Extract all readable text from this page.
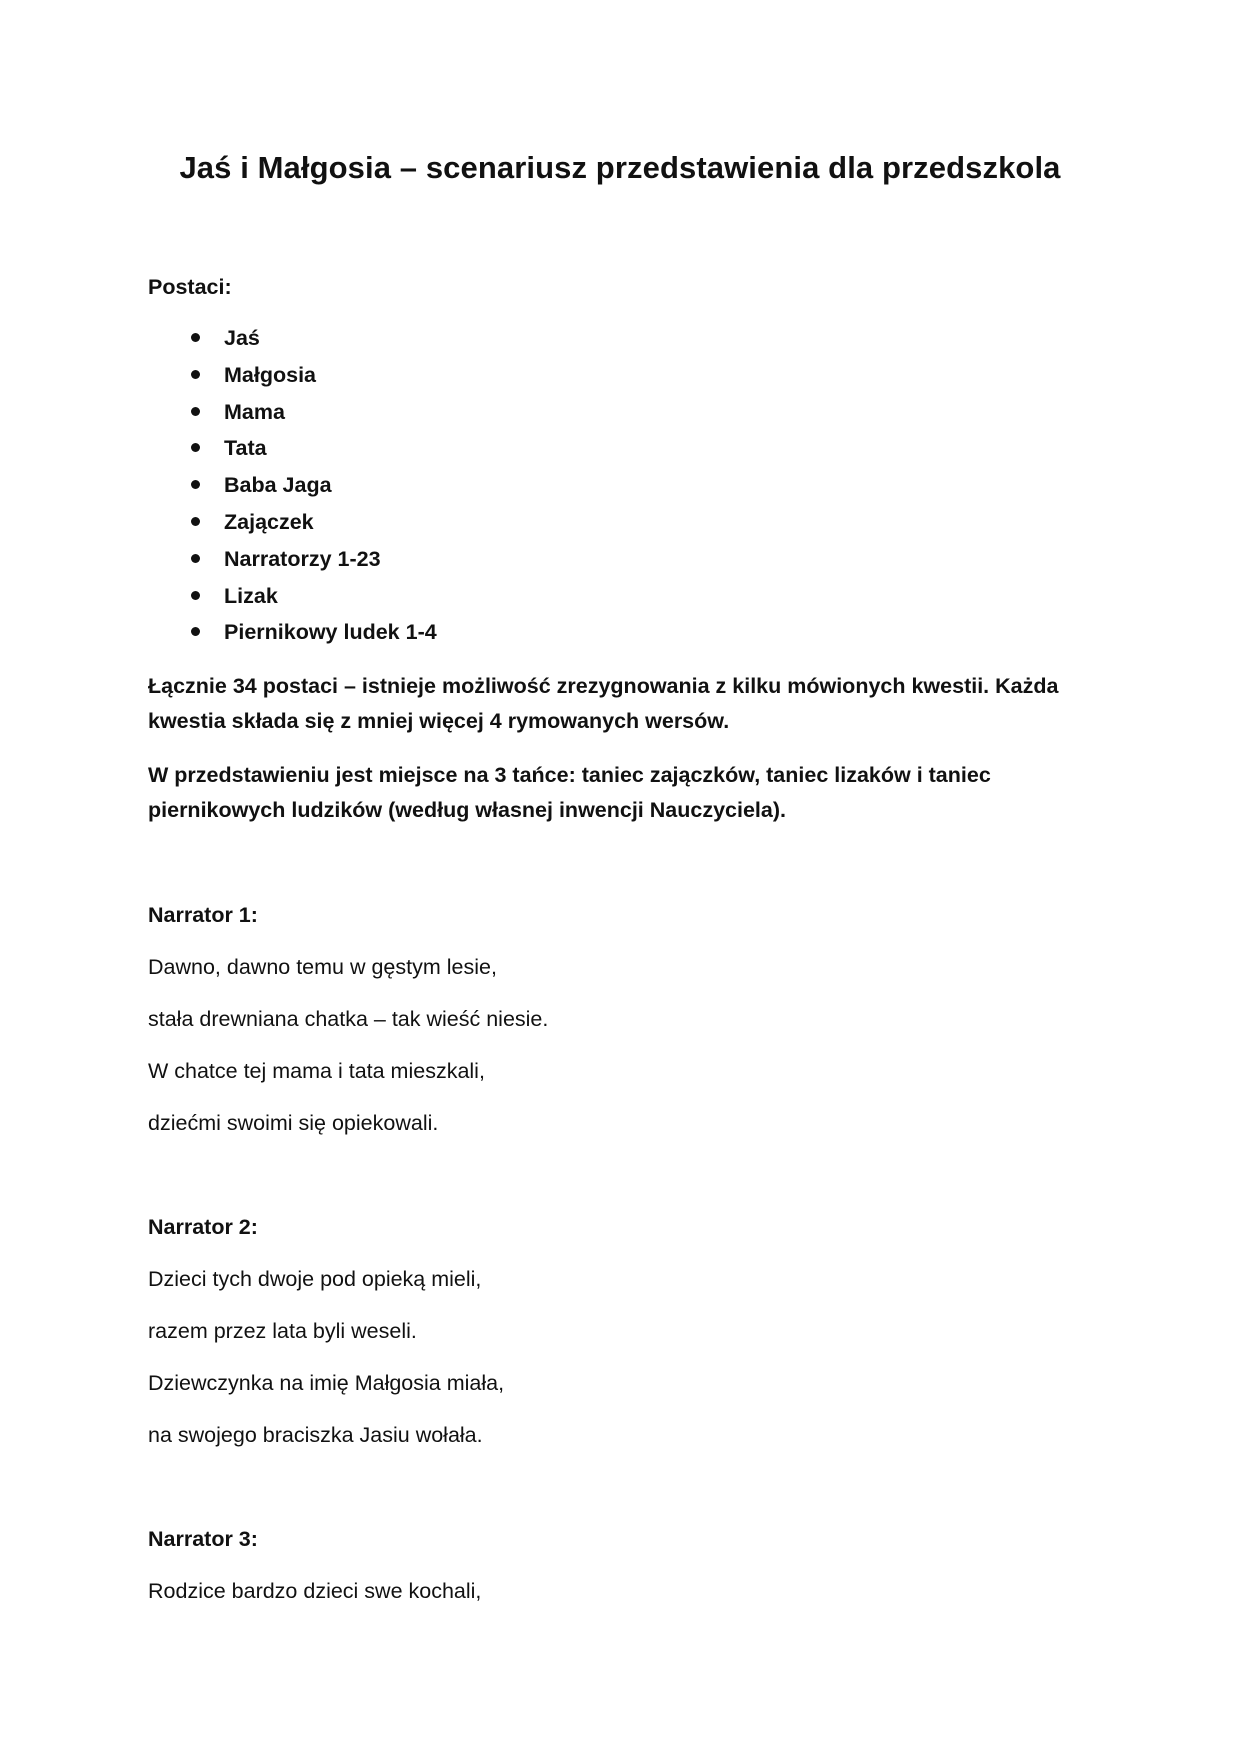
Jaś i Małgosia – scenariusz przedstawienia dla przedszkola

Postaci:

Jaś
Małgosia
Mama
Tata
Baba Jaga
Zajączek
Narratorzy 1-23
Lizak
Piernikowy ludek 1-4

Łącznie 34 postaci – istnieje możliwość zrezygnowania z kilku mówionych kwestii. Każda

kwestia składa się z mniej więcej 4 rymowanych wersów.

W przedstawieniu jest miejsce na 3 tańce: taniec zajączków, taniec lizaków i taniec

piernikowych ludzików (według własnej inwencji Nauczyciela).

Narrator 1:

Dawno, dawno temu w gęstym lesie,

stała drewniana chatka – tak wieść niesie.

W chatce tej mama i tata mieszkali,

dziećmi swoimi się opiekowali.

Narrator 2:

Dzieci tych dwoje pod opieką mieli,

razem przez lata byli weseli.

Dziewczynka na imię Małgosia miała,

na swojego braciszka Jasiu wołała.

Narrator 3:

Rodzice bardzo dzieci swe kochali,
